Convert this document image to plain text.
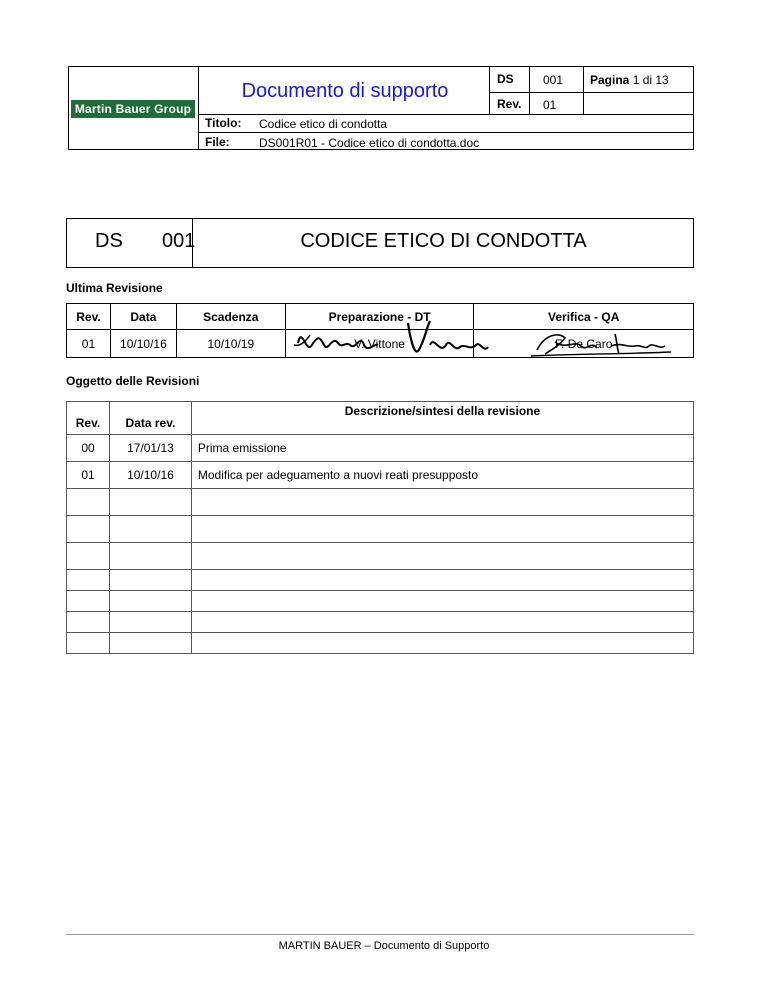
Martin Bauer Group
Documento di supporto
DS 001 Pagina 1 di 13
Rev. 01
Titolo: Codice etico di condotta
File: DS001R01 - Codice etico di condotta.doc
DS 001	CODICE ETICO DI CONDOTTA
Ultima Revisione
Rev.	Data	Scadenza	Preparazione - DT	Verifica - QA
01	10/10/16	10/10/19	V. Vittone	F. De Caro
Oggetto delle Revisioni
Rev.	Data rev.	Descrizione/sintesi della revisione
00	17/01/13	Prima emissione
01	10/10/16	Modifica per adeguamento a nuovi reati presupposto

MARTIN BAUER – Documento di Supporto
